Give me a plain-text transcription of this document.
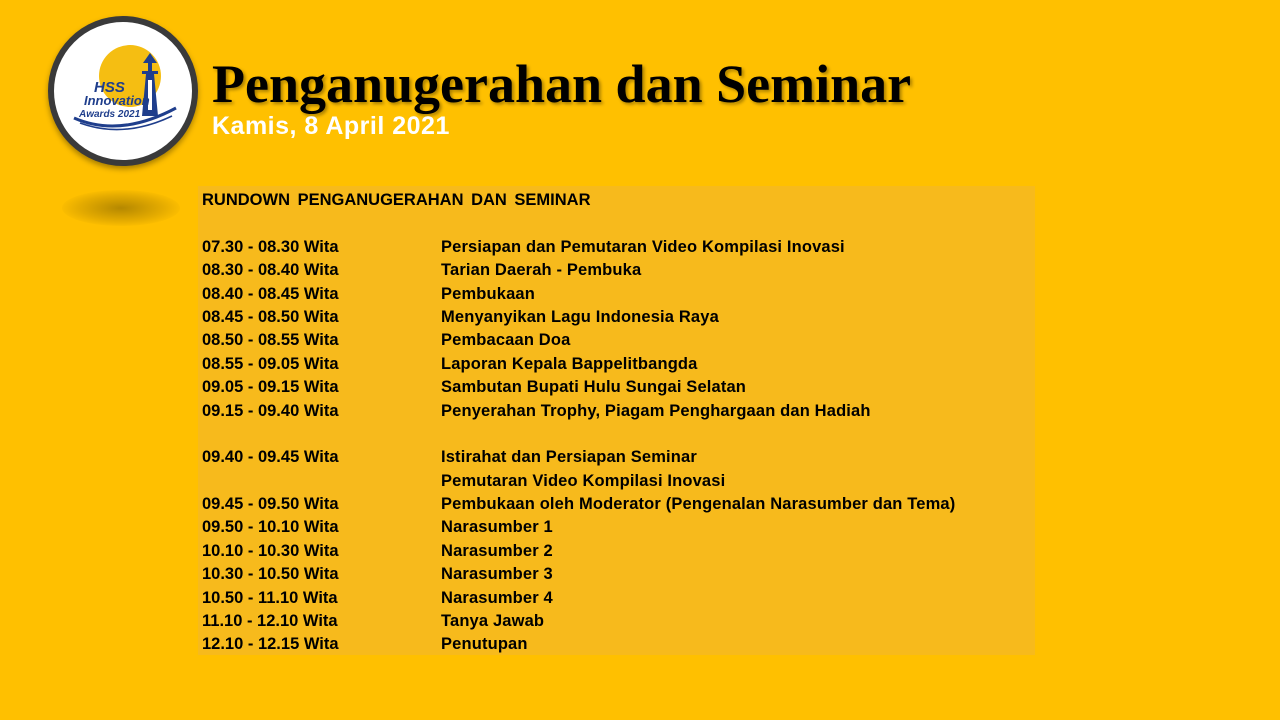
HSS
Innovation
Awards 2021
Penganugerahan dan Seminar
Kamis, 8 April 2021
RUNDOWN PENGANUGERAHAN DAN SEMINAR
07.30 - 08.30 Wita	Persiapan dan Pemutaran Video Kompilasi Inovasi
08.30 - 08.40 Wita	Tarian Daerah - Pembuka
08.40 - 08.45 Wita	Pembukaan
08.45 - 08.50 Wita	Menyanyikan Lagu Indonesia Raya
08.50 - 08.55 Wita	Pembacaan Doa
08.55 - 09.05 Wita	Laporan Kepala Bappelitbangda
09.05 - 09.15 Wita	Sambutan Bupati Hulu Sungai Selatan
09.15 - 09.40 Wita	Penyerahan Trophy, Piagam Penghargaan dan Hadiah
09.40 - 09.45 Wita	Istirahat dan Persiapan Seminar
Pemutaran Video Kompilasi Inovasi
09.45 - 09.50 Wita	Pembukaan oleh Moderator (Pengenalan Narasumber dan Tema)
09.50 - 10.10 Wita	Narasumber 1
10.10 - 10.30 Wita	Narasumber 2
10.30 - 10.50 Wita	Narasumber 3
10.50 - 11.10 Wita	Narasumber 4
11.10 - 12.10 Wita	Tanya Jawab
12.10 - 12.15 Wita	Penutupan
